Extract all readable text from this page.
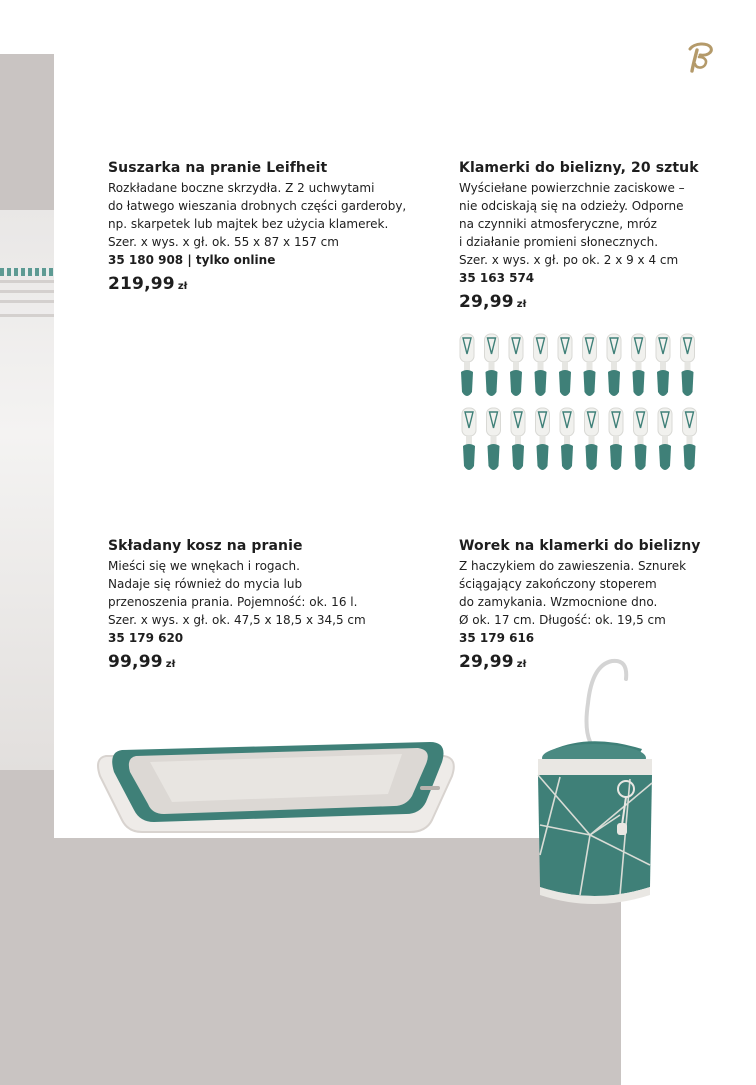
Suszarka na pranie Leifheit
Rozkładane boczne skrzydła. Z 2 uchwytami
do łatwego wieszania drobnych części garderoby,
np. skarpetek lub majtek bez użycia klamerek.
Szer. x wys. x gł. ok. 55 x 87 x 157 cm
35 180 908 | tylko online
219,99 zł
Klamerki do bielizny, 20 sztuk
Wyściełane powierzchnie zaciskowe –
nie odciskają się na odzieży. Odporne
na czynniki atmosferyczne, mróz
i działanie promieni słonecznych.
Szer. x wys. x gł. po ok. 2 x 9 x 4 cm
35 163 574
29,99 zł
Składany kosz na pranie
Mieści się we wnękach i rogach.
Nadaje się również do mycia lub
przenoszenia prania. Pojemność: ok. 16 l.
Szer. x wys. x gł. ok. 47,5 x 18,5 x 34,5 cm
35 179 620
99,99 zł
Worek na klamerki do bielizny
Z haczykiem do zawieszenia. Sznurek
ściągający zakończony stoperem
do zamykania. Wzmocnione dno.
Ø ok. 17 cm. Długość: ok. 19,5 cm
35 179 616
29,99 zł
